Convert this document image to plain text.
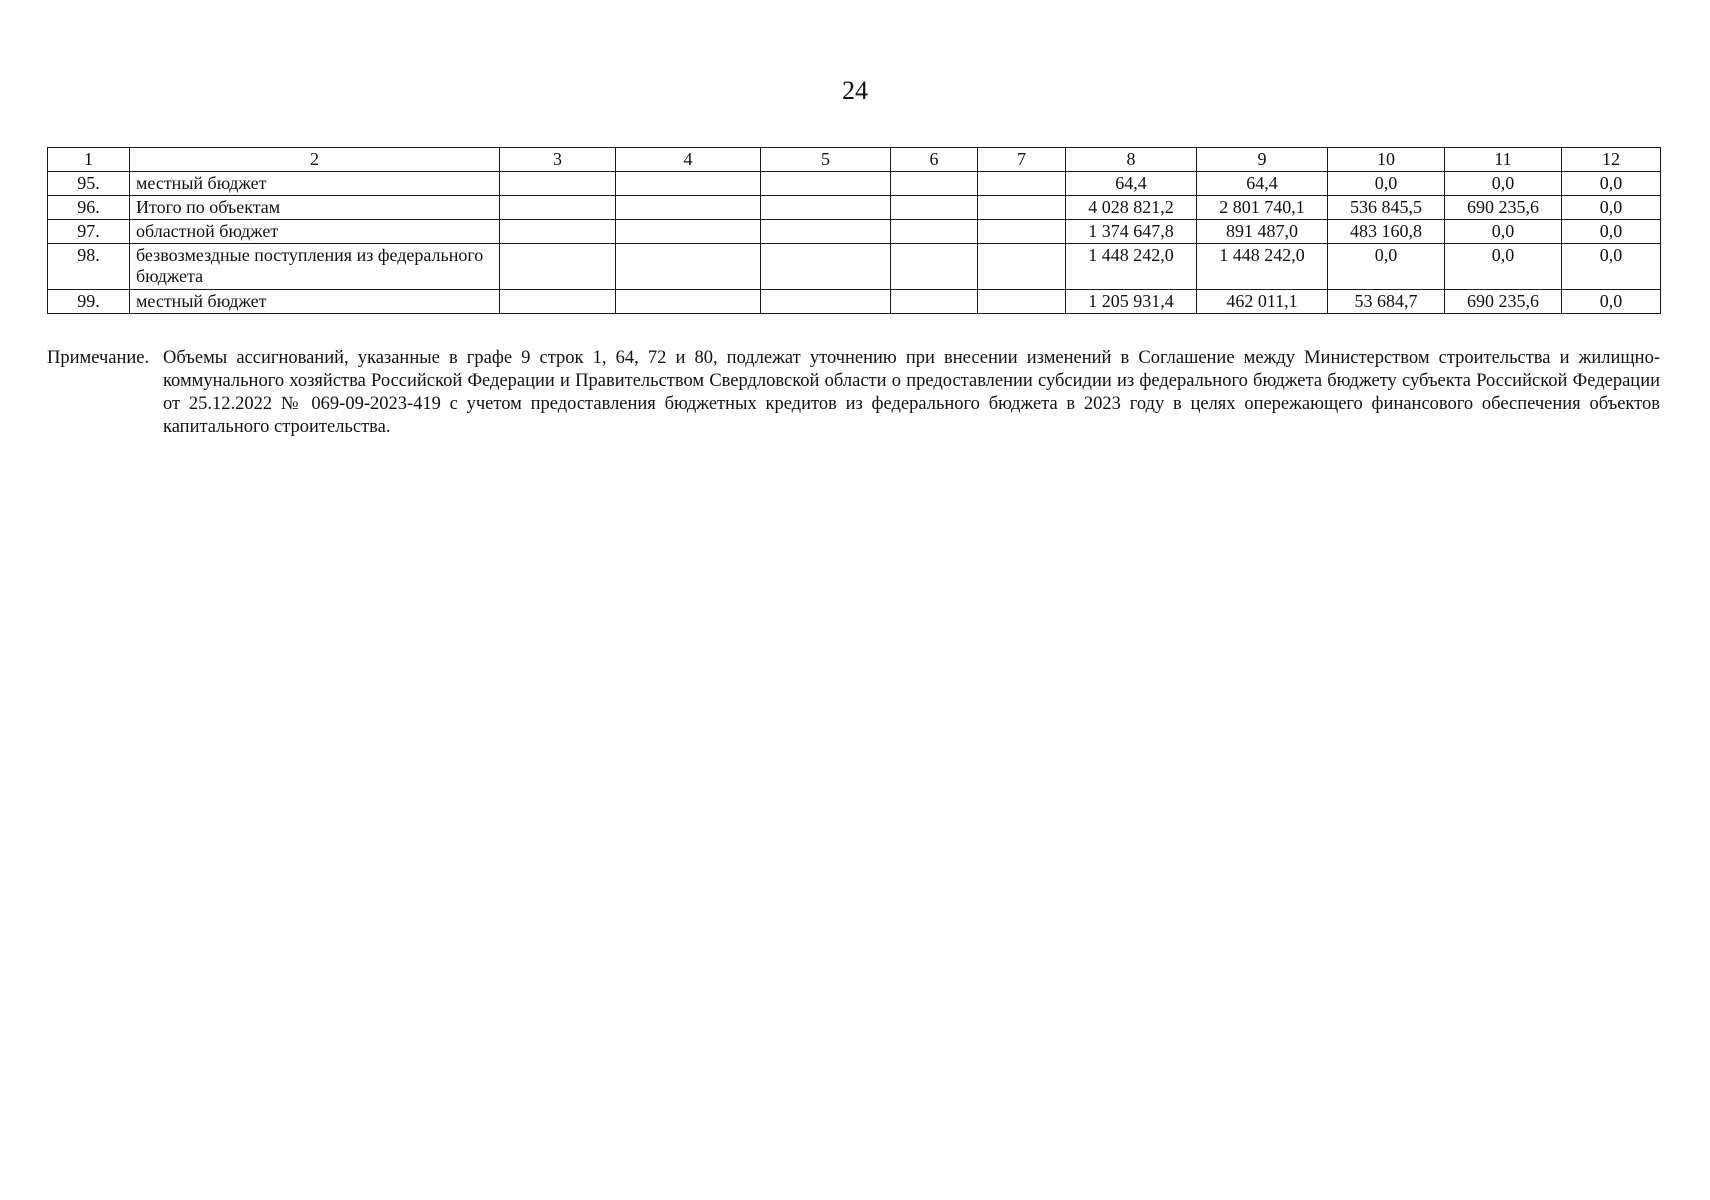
24
1	2	3	4	5	6	7	8	9	10	11	12
95.	местный бюджет						64,4	64,4	0,0	0,0	0,0
96.	Итого по объектам						4 028 821,2	2 801 740,1	536 845,5	690 235,6	0,0
97.	областной бюджет						1 374 647,8	891 487,0	483 160,8	0,0	0,0
98.	безвозмездные поступления из федерального бюджета						1 448 242,0	1 448 242,0	0,0	0,0	0,0
99.	местный бюджет						1 205 931,4	462 011,1	53 684,7	690 235,6	0,0
Примечание. Объемы ассигнований, указанные в графе 9 строк 1, 64, 72 и 80, подлежат уточнению при внесении изменений в Соглашение между Министерством строительства и жилищно-коммунального хозяйства Российской Федерации и Правительством Свердловской области о предоставлении субсидии из федерального бюджета бюджету субъекта Российской Федерации от 25.12.2022 № 069-09-2023-419 с учетом предоставления бюджетных кредитов из федерального бюджета в 2023 году в целях опережающего финансового обеспечения объектов капитального строительства.
